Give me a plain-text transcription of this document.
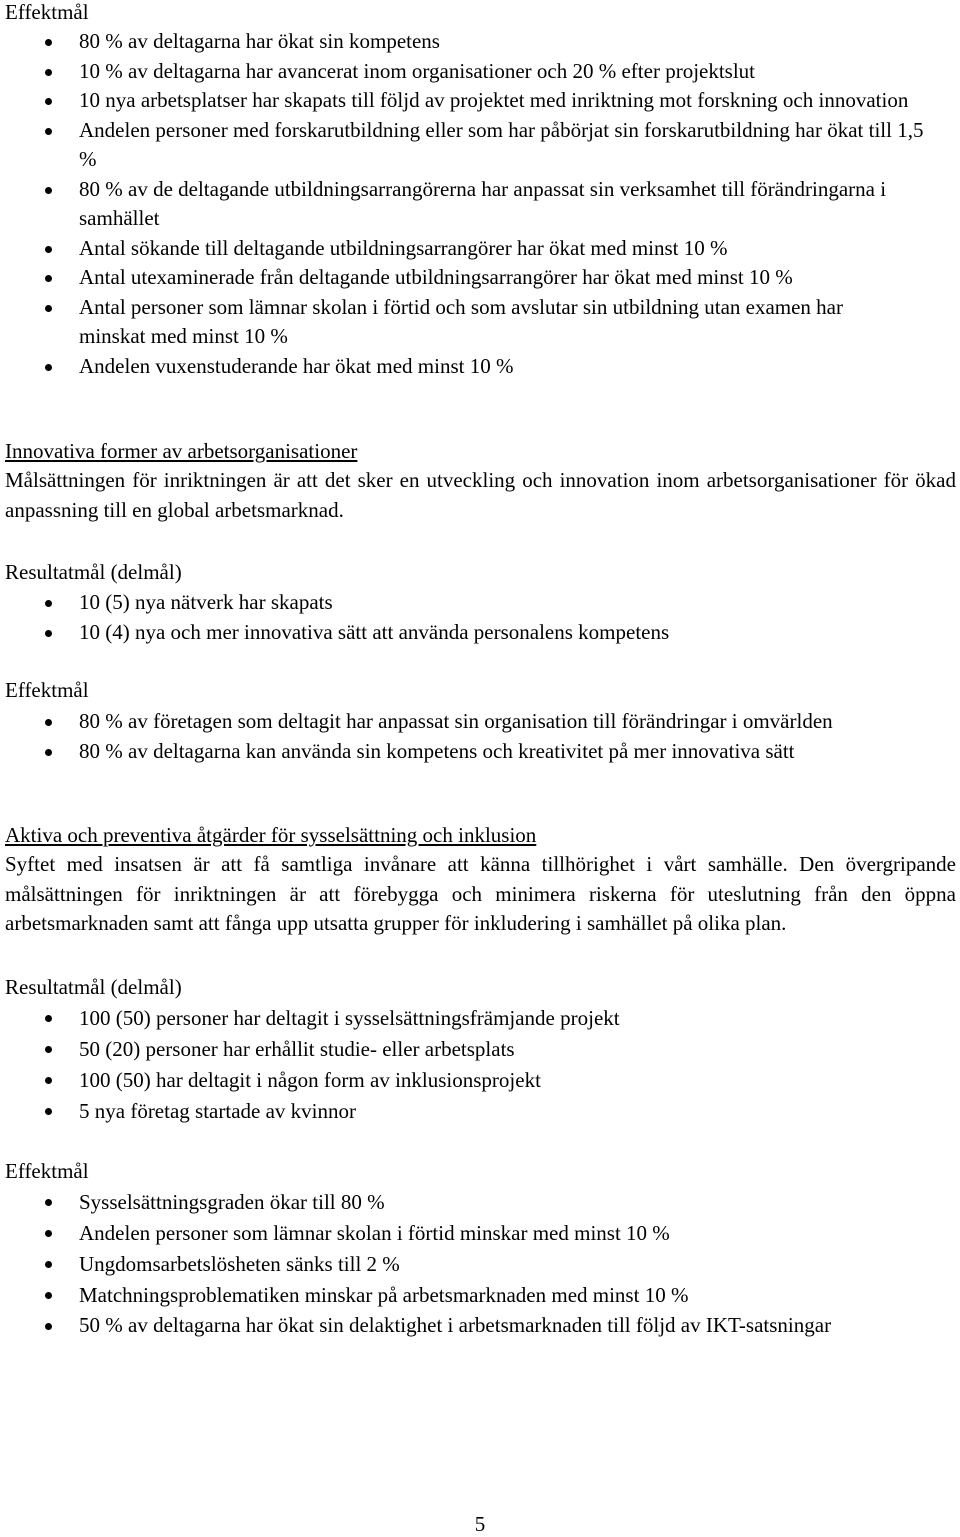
Effektmål

80 % av deltagarna har ökat sin kompetens
10 % av deltagarna har avancerat inom organisationer och 20 % efter projektslut
10 nya arbetsplatser har skapats till följd av projektet med inriktning mot forskning och innovation
Andelen personer med forskarutbildning eller som har påbörjat sin forskarutbildning har ökat till 1,5 %
80 % av de deltagande utbildningsarrangörerna har anpassat sin verksamhet till förändringarna i samhället
Antal sökande till deltagande utbildningsarrangörer har ökat med minst 10 %
Antal utexaminerade från deltagande utbildningsarrangörer har ökat med minst 10 %
Antal personer som lämnar skolan i förtid och som avslutar sin utbildning utan examen har minskat med minst 10 %
Andelen vuxenstuderande har ökat med minst 10 %

Innovativa former av arbetsorganisationer

Målsättningen för inriktningen är att det sker en utveckling och innovation inom arbetsorganisationer för ökad anpassning till en global arbetsmarknad.

Resultatmål (delmål)

10 (5) nya nätverk har skapats
10 (4) nya och mer innovativa sätt att använda personalens kompetens

Effektmål

80 % av företagen som deltagit har anpassat sin organisation till förändringar i omvärlden
80 % av deltagarna kan använda sin kompetens och kreativitet på mer innovativa sätt

Aktiva och preventiva åtgärder för sysselsättning och inklusion

Syftet med insatsen är att få samtliga invånare att känna tillhörighet i vårt samhälle. Den övergripande målsättningen för inriktningen är att förebygga och minimera riskerna för uteslutning från den öppna arbetsmarknaden samt att fånga upp utsatta grupper för inkludering i samhället på olika plan.

Resultatmål (delmål)

100 (50) personer har deltagit i sysselsättningsfrämjande projekt
50 (20) personer har erhållit studie- eller arbetsplats
100 (50) har deltagit i någon form av inklusionsprojekt
5 nya företag startade av kvinnor

Effektmål

Sysselsättningsgraden ökar till 80 %
Andelen personer som lämnar skolan i förtid minskar med minst 10 %
Ungdomsarbetslösheten sänks till 2 %
Matchningsproblematiken minskar på arbetsmarknaden med minst 10 %
50 % av deltagarna har ökat sin delaktighet i arbetsmarknaden till följd av IKT-satsningar
5
